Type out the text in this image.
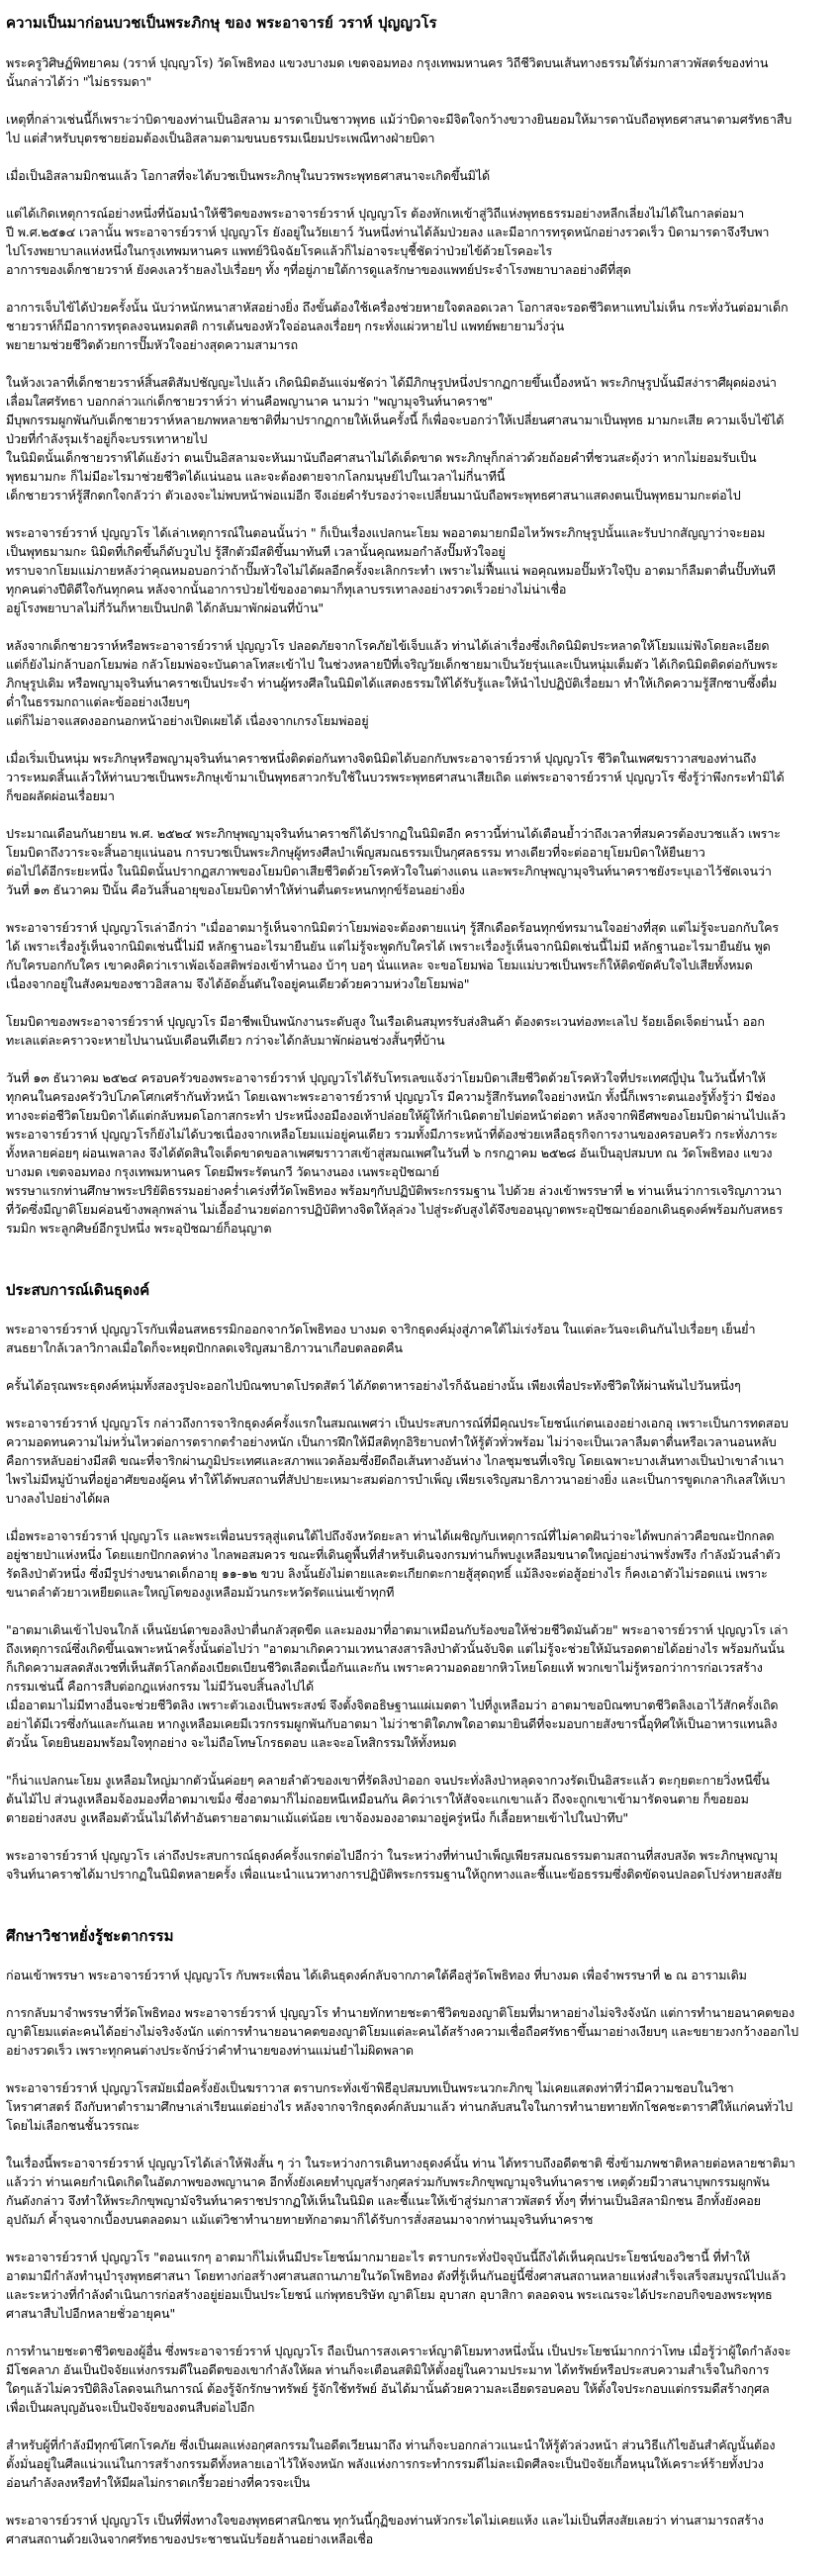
ความเป็นมาก่อนบวชเป็นพระภิกษุ ของ พระอาจารย์ วราห์ ปุญญวโร
พระครูวิศิษฏ์พิทยาคม (วราห์ ปุญฺญวโร) วัดโพธิทอง แขวงบางมด เขตจอมทอง กรุงเทพมหานคร วิถีชีวิตบนเส้นทางธรรมใต้ร่มกาสาวพัสตร์ของท่าน
นั้นกล่าวได้ว่า "ไม่ธรรมดา"
เหตุที่กล่าวเช่นนี้ก็เพราะว่าบิดาของท่านเป็นอิสลาม มารดาเป็นชาวพุทธ แม้ว่าบิดาจะมีจิตใจกว้างขวางยินยอมให้มารดานับถือพุทธศาสนาตามศรัทธาสืบ
ไป แต่สำหรับบุตรชายย่อมต้องเป็นอิสลามตามขนบธรรมเนียมประเพณีทางฝ่ายบิดา
เมื่อเป็นอิสลามมิกชนแล้ว โอกาสที่จะได้บวชเป็นพระภิกษุในบวรพระพุทธศาสนาจะเกิดขึ้นมิได้
แต่ได้เกิดเหตุการณ์อย่างหนึ่งที่น้อมนำให้ชีวิตของพระอาจารย์วราห์ ปุญญวโร ต้องหักเหเข้าสู่วิถีแห่งพุทธธรรมอย่างหลีกเลี่ยงไม่ได้ในกาลต่อมา
ปี พ.ศ.๒๕๑๔ เวลานั้น พระอาจารย์วราห์ ปุญญวโร ยังอยู่ในวัยเยาว์ วันหนึ่งท่านได้ล้มป่วยลง และมีอาการทรุดหนักอย่างรวดเร็ว บิดามารดาจึงรีบพา
ไปโรงพยาบาลแห่งหนึ่งในกรุงเทพมหานคร แพทย์วินิจฉัยโรคแล้วก็ไม่อาจระบุชี้ชัดว่าป่วยไข้ด้วยโรคอะไร
อาการของเด็กชายวราห์ ยังคงเลวร้ายลงไปเรื่อยๆ ทั้ง ๆที่อยู่ภายใต้การดูแลรักษาของแพทย์ประจำโรงพยาบาลอย่างดีที่สุด
อาการเจ็บไข้ได้ป่วยครั้งนั้น นับว่าหนักหนาสาหัสอย่างยิ่ง ถึงขั้นต้องใช้เครื่องช่วยหายใจตลอดเวลา โอกาสจะรอดชีวิตหาแทบไม่เห็น กระทั่งวันต่อมาเด็ก
ชายวราห์ก็มีอาการทรุดลงจนหมดสติ การเต้นของหัวใจอ่อนลงเรื่อยๆ กระทั่งแผ่วหายไป แพทย์พยายามวิ่งวุ่น
พยายามช่วยชีวิตด้วยการปั๊มหัวใจอย่างสุดความสามารถ
ในห้วงเวลาที่เด็กชายวราห์สิ้นสติสัมปชัญญะไปแล้ว เกิดนิมิตอันแจ่มชัดว่า ได้มีภิกษุรูปหนึ่งปรากฏกายขึ้นเบื้องหน้า พระภิกษุรูปนั้นมีสง่าราศีผุดผ่องน่า
เลื่อมใสศรัทธา บอกกล่าวแก่เด็กชายวราห์ว่า ท่านคือพญานาค นามว่า "พญามุจรินท์นาคราช"
มีบุพกรรมผูกพันกับเด็กชายวราห์หลายภพหลายชาติที่มาปรากฏกายให้เห็นครั้งนี้ ก็เพื่อจะบอกว่าให้เปลี่ยนศาสนามาเป็นพุทธ มามกะเสีย ความเจ็บไข้ได้
ป่วยที่กำลังรุมเร้าอยู่ก็จะบรรเทาหายไป
ในนิมิตนั้นเด็กชายวราห์ได้แย้งว่า ตนเป็นอิสลามจะหันมานับถือศาสนาไม่ได้เด็ดขาด พระภิกษุก็กล่าวด้วยถ้อยคำที่ชวนสะดุ้งว่า หากไม่ยอมรับเป็น
พุทธมามกะ ก็ไม่มีอะไรมาช่วยชีวิตได้แน่นอน และจะต้องตายจากโลกมนุษย์ไปในเวลาไม่กี่นาทีนี้
เด็กชายวราห์รู้สึกตกใจกลัวว่า ตัวเองจะไม่พบหน้าพ่อแม่อีก จึงเอ่ยคำรับรองว่าจะเปลี่ยนมานับถือพระพุทธศาสนาแสดงตนเป็นพุทธมามกะต่อไป
พระอาจารย์วราห์ ปุญญวโร ได้เล่าเหตุการณ์ในตอนนั้นว่า " ก็เป็นเรื่องแปลกนะโยม พออาตมายกมือไหว้พระภิกษุรูปนั้นและรับปากสัญญาว่าจะยอม
เป็นพุทธมามกะ นิมิตที่เกิดขึ้นก็ดับวูบไป รู้สึกตัวมีสติขึ้นมาทันที เวลานั้นคุณหมอกำลังปั๊มหัวใจอยู่
ทราบจากโยมแม่ภายหลังว่าคุณหมอบอกว่าถ้าปั๊มหัวใจไม่ได้ผลอีกครั้งจะเลิกกระทำ เพราะไม่ฟื้นแน่ พอคุณหมอปั๊มหัวใจปุ๊บ อาตมาก็ลืมตาตื่นปั๊บทันที
ทุกคนต่างปีติดีใจกันทุกคน หลังจากนั้นอาการป่วยไข้ของอาตมาก็ทุเลาบรรเทาลงอย่างรวดเร็วอย่างไม่น่าเชื่อ
อยู่โรงพยาบาลไม่กี่วันก็หายเป็นปกติ ได้กลับมาพักผ่อนที่บ้าน"
หลังจากเด็กชายวราห์หรือพระอาจารย์วราห์ ปุญญวโร ปลอดภัยจากโรคภัยไข้เจ็บแล้ว ท่านได้เล่าเรื่องซึ่งเกิดนิมิตประหลาดให้โยมแม่ฟังโดยละเอียด
แต่ก็ยังไม่กล้าบอกโยมพ่อ กลัวโยมพ่อจะบันดาลโทสะเข้าไป ในช่วงหลายปีที่เจริญวัยเด็กชายมาเป็นวัยรุ่นและเป็นหนุ่มเต็มตัว ได้เกิดนิมิตติดต่อกับพระ
ภิกษุรูปเดิม หรือพญามุจรินท์นาคราชเป็นประจำ ท่านผู้ทรงศีลในนิมิตได้แสดงธรรมให้ได้รับรู้และให้นำไปปฏิบัติเรื่อยมา ทำให้เกิดความรู้สึกซาบซึ้งดื่ม
ด่ำในธรรมกถาแต่ละข้ออย่างเงียบๆ
แต่ก็ไม่อาจแสดงออกนอกหน้าอย่างเปิดเผยได้ เนื่องจากเกรงโยมพ่ออยู่
เมื่อเริ่มเป็นหนุ่ม พระภิกษุหรือพญามุจรินท์นาคราชหนึ่งติดต่อกันทางจิตนิมิตได้บอกกับพระอาจารย์วราห์ ปุญญวโร ชีวิตในเพศฆราวาสของท่านถึง
วาระหมดสิ้นแล้วให้ท่านบวชเป็นพระภิกษุเข้ามาเป็นพุทธสาวกรับใช้ในบวรพระพุทธศาสนาเสียเถิด แต่พระอาจารย์วราห์ ปุญญวโร ซึ่งรู้ว่าพึงกระทำมิได้
ก็ขอผลัดผ่อนเรื่อยมา
ประมาณเดือนกันยายน พ.ศ. ๒๕๒๔ พระภิกษุพญามุจรินท์นาคราชก็ได้ปรากฏในนิมิตอีก คราวนี้ท่านได้เตือนย้ำว่าถึงเวลาที่สมควรต้องบวชแล้ว เพราะ
โยมบิดาถึงวาระจะสิ้นอายุแน่นอน การบวชเป็นพระภิกษุผู้ทรงศีลบำเพ็ญสมณธรรมเป็นกุศลธรรม ทางเดียวที่จะต่ออายุโยมบิดาให้ยืนยาว
ต่อไปได้อีกระยะหนึ่ง ในนิมิตนั้นปรากฏสภาพของโยมบิดาเสียชีวิตด้วยโรคหัวใจในต่างแดน และพระภิกษุพญามุจรินท์นาคราชยังระบุเอาไว้ชัดเจนว่า
วันที่ ๑๓ ธันวาคม ปีนั้น คือวันสิ้นอายุของโยมบิดาทำให้ท่านตื่นตระหนกทุกข์ร้อนอย่างยิ่ง
พระอาจารย์วราห์ ปุญญวโรเล่าอีกว่า "เมื่ออาตมารู้เห็นจากนิมิตว่าโยมพ่อจะต้องตายแน่ๆ รู้สึกเดือดร้อนทุกข์ทรมานใจอย่างที่สุด แต่ไม่รู้จะบอกกับใคร
ได้ เพราะเรื่องรู้เห็นจากนิมิตเช่นนี้ไม่มี หลักฐานอะไรมายืนยัน แต่ไม่รู้จะพูดกับใครได้ เพราะเรื่องรู้เห็นจากนิมิตเช่นนี้ไม่มี หลักฐานอะไรมายืนยัน พูด
กับใครบอกกับใคร เขาคงคิดว่าเราเพ้อเจ้อสติพร่องเข้าทำนอง บ้าๆ บอๆ นั่นแหละ จะขอโยมพ่อ โยมแม่บวชเป็นพระก็ให้ติดขัดคับใจไปเสียทั้งหมด
เนื่องจากอยู่ในสังคมของชาวอิสลาม จึงได้อัดอั้นตันใจอยู่คนเดียวด้วยความห่วงใยโยมพ่อ"
โยมบิดาของพระอาจารย์วราห์ ปุญญวโร มีอาชีพเป็นพนักงานระดับสูง ในเรือเดินสมุทรรับส่งสินค้า ต้องตระเวนท่องทะเลไป ร้อยเอ็ดเจ็ดย่านน้ำ ออก
ทะเลแต่ละคราวจะหายไปนานนับเดือนทีเดียว กว่าจะได้กลับมาพักผ่อนช่วงสั้นๆที่บ้าน
วันที่ ๑๓ ธันวาคม ๒๕๒๔ ครอบครัวของพระอาจารย์วราห์ ปุญญวโรได้รับโทรเลขแจ้งว่าโยมบิดาเสียชีวิตด้วยโรคหัวใจที่ประเทศญี่ปุ่น ในวันนี้ทำให้
ทุกคนในครองครัววิปโภคโศกเศร้ากันทั่วหน้า โดยเฉพาะพระอาจารย์วราห์ ปุญญวโร มีความรู้สึกรันทดใจอย่างหนัก ทั้งนี้ก็เพราะตนเองรู้ทั้งรู้ว่า มีช่อง
ทางจะต่อชีวิตโยมบิดาได้แต่กลับหมดโอกาสกระทำ ประหนึ่งงอมืองอเท้าปล่อยให้ผู้ให้กำเนิดตายไปต่อหน้าต่อตา หลังจากพิธีศพของโยมบิดาผ่านไปแล้ว
พระอาจารย์วราห์ ปุญญวโรก็ยังไม่ได้บวชเนื่องจากเหลือโยมแม่อยู่คนเดียว รวมทั้งมีภาระหน้าที่ต้องช่วยเหลือธุรกิจการงานของครอบครัว กระทั่งภาระ
ทั้งหลายค่อยๆ ผ่อนเพลาลง จึงได้ตัดสินใจเด็ดขาดขอลาเพศฆราวาสเข้าสู่สมณเพศในวันที่ ๖ กรกฎาคม ๒๕๒๘ อันเป็นอุปสมบท ณ วัดโพธิทอง แขวง
บางมด เขตจอมทอง กรุงเทพมหานคร โดยมีพระรัตนกวี วัดนางนอง เนพระอุปัชฌาย์
พรรษาแรกท่านศึกษาพระปริยัติธรรมอย่างคร่ำเคร่งที่วัดโพธิทอง พร้อมๆกับปฏิบัติพระกรรมฐาน ไปด้วย ล่วงเข้าพรรษาที่ ๒ ท่านเห็นว่าการเจริญภาวนา
ที่วัดซึ่งมีญาติโยมค่อนข้างพลุกพล่าน ไม่เอื้ออำนวยต่อการปฏิบัติทางจิตให้ลุล่วง ไปสู่ระดับสูงได้จึงขออนุญาตพระอุปัชฌาย์ออกเดินธุดงค์พร้อมกับสหธร
รมมิก พระลูกศิษย์อีกรูปหนึ่ง พระอุปัชฌาย์ก็อนุญาต
ประสบการณ์เดินธุดงค์
พระอาจารย์วราห์ ปุญญวโรกับเพื่อนสหธรรมิกออกจากวัดโพธิทอง บางมด จาริกธุดงค์มุ่งสู่ภาคใต้ไม่เร่งร้อน ในแต่ละวันจะเดินกันไปเรื่อยๆ เย็นย่ำ
สนธยาใกล้เวลาวิกาลเมื่อใดก็จะหยุดปักกลดเจริญสมาธิภาวนาเกือบตลอดคืน
ครั้นได้อรุณพระธุดงค์หนุ่มทั้งสองรูปจะออกไปบิณฑบาตโปรดสัตว์ ได้ภัตตาหารอย่างไรก็ฉันอย่างนั้น เพียงเพื่อประทังชีวิตให้ผ่านพ้นไปวันหนึ่งๆ
พระอาจารย์วราห์ ปุญญวโร กล่าวถึงการจาริกธุดงค์ครั้งแรกในสมณเพศว่า เป็นประสบการณ์ที่มีคุณประโยชน์แก่ตนเองอย่างเอกอุ เพราะเป็นการทดสอบ
ความอดทนความไม่หวั่นไหวต่อการตรากตรำอย่างหนัก เป็นการฝึกให้มีสติทุกอิริยาบถทำให้รู้ตัวทั่วพร้อม ไม่ว่าจะเป็นเวลาลืมตาตื่นหรือเวลานอนหลับ
คือการหลับอย่างมีสติ ขณะที่จาริกผ่านภูมิประเทศและสภาพแวดล้อมซึ่งยึดถือเส้นทางอันห่าง ไกลชุมชนที่เจริญ โดยเฉพาะบางเส้นทางเป็นป่าเขาลำเนา
ไพรไม่มีหมู่บ้านที่อยู่อาศัยของผู้คน ทำให้ได้พบสถานที่สัปปายะเหมาะสมต่อการบำเพ็ญ เพียรเจริญสมาธิภาวนาอย่างยิ่ง และเป็นการขูดเกลากิเลสให้เบา
บางลงไปอย่างได้ผล
เมื่อพระอาจารย์วราห์ ปุญญวโร และพระเพื่อนบรรลุสู่แดนใต้ไปถึงจังหวัดยะลา ท่านได้เผชิญกับเหตุการณ์ที่ไม่คาดฝันว่าจะได้พบกล่าวคือขณะปักกลด
อยู่ชายป่าแห่งหนึ่ง โดยแยกปักกลดห่าง ไกลพอสมควร ขณะที่เดินดูพื้นที่สำหรับเดินจงกรมท่านก็พบงูเหลือมขนาดใหญ่อย่างน่าพรั่งพรึง กำลังม้วนลำตัว
รัดลิงป่าตัวหนึ่ง ซึ่งมีรูปร่างขนาดเด็กอายุ ๑๑-๑๒ ขวบ ลิงนั้นยังไม่ตายและตะเกียกตะกายสู้สุดฤทธิ์ แม้ลิงจะต่อสู้อย่างไร ก็คงเอาตัวไม่รอดแน่ เพราะ
ขนาดลำตัวยาวเหยียดและใหญ่โตของงูเหลือมม้วนกระหวัดรัดแน่นเข้าทุกที
"อาตมาเดินเข้าไปจนใกล้ เห็นนัยน์ตาของลิงป่าตื่นกลัวสุดขีด และมองมาที่อาตมาเหมือนกับร้องขอให้ช่วยชีวิตมันด้วย" พระอาจารย์วราห์ ปุญญวโร เล่า
ถึงเหตุการณ์ซึ่งเกิดขึ้นเฉพาะหน้าครั้งนั้นต่อไปว่า "อาตมาเกิดความเวทนาสงสารลิงป่าตัวนั้นจับจิต แต่ไม่รู้จะช่วยให้มันรอดตายได้อย่างไร พร้อมกันนั้น
ก็เกิดความสลดสังเวชที่เห็นสัตว์โลกต้องเบียดเบียนชีวิตเลือดเนื้อกันและกัน เพราะความอดอยากหิวโหยโดยแท้ พวกเขาไม่รู้หรอกว่าการก่อเวรสร้าง
กรรมเช่นนี้ คือการสืบต่อกฎแห่งกรรม ไม่มีวันจบสิ้นลงไปได้
เมื่ออาตมาไม่มีทางอื่นจะช่วยชีวิตลิง เพราะตัวเองเป็นพระสงฆ์ จึงตั้งจิตอธิษฐานแผ่เมตตา ไปที่งูเหลือมว่า อาตมาขอบิณฑบาตชีวิตลิงเอาไว้สักครั้งเถิด
อย่าได้มีเวรซึ่งกันและกันเลย หากงูเหลือมเคยมีเวรกรรมผูกพันกับอาตมา ไม่ว่าชาติใดภพใดอาตมายินดีที่จะมอบกายสังขารนี้อุทิศให้เป็นอาหารแทนลิง
ตัวนั้น โดยยินยอมพร้อมใจทุกอย่าง จะไม่ถือโทษโกรธตอบ และจะอโหสิกรรมให้ทั้งหมด
"ก็น่าแปลกนะโยม งูเหลือมใหญ่มากตัวนั้นค่อยๆ คลายลำตัวของเขาที่รัดลิงป่าออก จนประทั่งลิงป่าหลุดจากวงรัดเป็นอิสระแล้ว ตะกุยตะกายวิ่งหนีขึ้น
ต้นไม้ไป ส่วนงูเหลือมจ้องมองที่อาตมาเขม็ง ซึ่งอาตมาก็ไม่ถอยหนีเหมือนกัน คิดว่าเราให้สัจจะแกเขาแล้ว ถึงจะถูกเขาเข้ามารัดจนตาย ก็ขอยอม
ตายอย่างสงบ งูเหลือมตัวนั้นไม่ได้ทำอันตรายอาตมาแม้แต่น้อย เขาจ้องมองอาตมาอยู่ครู่หนึ่ง ก็เลื้อยหายเข้าไปในป่าทึบ"
พระอาจารย์วราห์ ปุญญวโร เล่าถึงประสบการณ์ธุดงค์ครั้งแรกต่อไปอีกว่า ในระหว่างที่ท่านบำเพ็ญเพียรสมณธรรมตามสถานที่สงบสงัด พระภิกษุพญามุ
จรินท์นาคราชได้มาปรากฏในนิมิตหลายครั้ง เพื่อแนะนำแนวทางการปฏิบัติพระกรรมฐานให้ถูกทางและชี้แนะข้อธรรมซึ่งติดขัดจนปลอดโปร่งหายสงสัย
ศึกษาวิชาหยั่งรู้ชะตากรรม
ก่อนเข้าพรรษา พระอาจารย์วราห์ ปุญญวโร กับพระเพื่อน ได้เดินธุดงค์กลับจากภาคใต้คือสู่วัดโพธิทอง ที่บางมด เพื่อจำพรรษาที่ ๒ ณ อารามเดิม
การกลับมาจำพรรษาที่วัดโพธิทอง พระอาจารย์วราห์ ปุญญวโร ทำนายทักทายชะตาชีวิตของญาติโยมที่มาหาอย่างไม่จริงจังนัก แต่การทำนายอนาคตของ
ญาติโยมแต่ละคนได้อย่างไม่จริงจังนัก แต่การทำนายอนาคตของญาติโยมแต่ละคนได้สร้างความเชื่อถือศรัทธาขึ้นมาอย่างเงียบๆ และขยายวงกว้างออกไป
อย่างรวดเร็ว เพราะทุกคนต่างประจักษ์ว่าคำทำนายของท่านแม่นยำไม่ผิดพลาด
พระอาจารย์วราห์ ปุญญวโรสมัยเมื่อครั้งยังเป็นฆราวาส ตราบกระทั่งเข้าพิธีอุปสมบทเป็นพระนวกะภิกขุ ไม่เคยแสดงท่าทีว่ามีความชอบในวิชา
โหราศาสตร์ ถึงกับหาตำรามาศึกษาเล่าเรียนแต่อย่างไร หลังจากจาริกธุดงค์กลับมาแล้ว ท่านกลับสนใจในการทำนายทายทักโชคชะตาราศีให้แก่คนทั่วไป
โดยไม่เลือกชนชั้นวรรณะ
ในเรื่องนี้พระอาจารย์วราห์ ปุญญวโรได้เล่าให้ฟังสั้น ๆ ว่า ในระหว่างการเดินทางธุดงค์นั้น ท่าน ได้ทราบถึงอดีตชาติ ซึ่งข้ามภพชาติหลายต่อหลายชาติมา
แล้วว่า ท่านเคยกำเนิดเกิดในอัตภาพของพญานาค อีกทั้งยังเคยทำบุญสร้างกุศลร่วมกับพระภิกขุพญามุจรินท์นาคราช เหตุด้วยมีวาสนาบุพกรรมผูกพัน
กันดังกล่าว จึงทำให้พระภิกขุพญามัจรินท์นาคราชปรากฏให้เห็นในนิมิต และชี้แนะให้เข้าสู่ร่มกาสาวพัสตร์ ทั้งๆ ที่ท่านเป็นอิสลามิกชน อีกทั้งยังคอย
อุปถัมภ์ ค้ำจุนจากเบื้องบนตลอดมา แม้แต่วิชาทำนายทายทักอาตมาก็ได้รับการสั่งสอนมาจากท่านมุจรินท์นาคราช
พระอาจารย์วราห์ ปุญญวโร "ตอนแรกๆ อาตมาก็ไม่เห็นมีประโยชน์มากมายอะไร ตราบกระทั่งปัจจุบันนี้ถึงได้เห็นคุณประโยชน์ของวิชานี้ ที่ทำให้
อาตมามีกำลังทำนุบำรุงพุทธศาสนา โดยทางก่อสร้างศาสนสถานภายในวัดโพธิทอง ดังที่รู้เห็นกันอยู่นี้ซึ่งศาสนสถานหลายแห่งสำเร็จเสร็จสมบูรณ์ไปแล้ว
และระหว่างที่กำลังดำเนินการก่อสร้างอยู่ย่อมเป็นประโยชน์ แก่พุทธบริษัท ญาติโยม อุบาสก อุบาสิกา ตลอดจน พระเณรจะได้ประกอบกิจของพระพุทธ
ศาสนาสืบไปอีกหลายชั่วอายุคน"
การทำนายชะตาชีวิตของผู้อื่น ซึ่งพระอาจารย์วราห์ ปุญญวโร ถือเป็นการสงเคราะห์ญาติโยมทางหนึ่งนั้น เป็นประโยชน์มากกว่าโทษ เมื่อรู้ว่าผู้ใดกำลังจะ
มีโชคลาภ อันเป็นปัจจัยแห่งกรรมดีในอดีตของเขากำลังให้ผล ท่านก็จะเตือนสติมิให้ตั้งอยู่ในความประมาท ได้ทรัพย์หรือประสบความสำเร็จในกิจการ
ใดๆแล้วไม่ควรปีติลิงโลดจนเกินการณ์ ต้องรู้จักรักษาทรัพย์ รู้จักใช้ทรัพย์ อันได้มานั้นด้วยความละเอียดรอบคอบ ให้ตั้งใจประกอบแต่กรรมดีสร้างกุศล
เพื่อเป็นผลบุญอันจะเป็นปัจจัยของตนสืบต่อไปอีก
สำหรับผู้ที่กำลังมีทุกข์โศกโรคภัย ซึ่งเป็นผลแห่งอกุศลกรรมในอดีตเวียนมาถึง ท่านก็จะบอกกล่าวแนะนำให้รู้ตัวล่วงหน้า ส่วนวิธีแก้ไขอันสำคัญนั้นต้อง
ตั้งมั่นอยู่ในศีลแน่วแน่ในการสร้างกรรมดีทั้งหลายเอาไว้ให้จงหนัก พลังแห่งการกระทำกรรมดีไม่ละเมิดศีลจะเป็นปัจจัยเกื้อหนุนให้เคราะห์ร้ายทั้งปวง
อ่อนกำลังลงหรือทำให้มีผลไม่กราดเกรี้ยวอย่างที่ควรจะเป็น
พระอาจารย์วราห์ ปุญญวโร เป็นที่พึ่งทางใจของพุทธศาสนิกชน ทุกวันนี้กุฏิของท่านหัวกระไดไม่เคยแห้ง และไม่เป็นที่สงสัยเลยว่า ท่านสามารถสร้าง
ศาสนสถานด้วยเงินจากศรัทธาของประชาชนนับร้อยล้านอย่างเหลือเชื่อ
